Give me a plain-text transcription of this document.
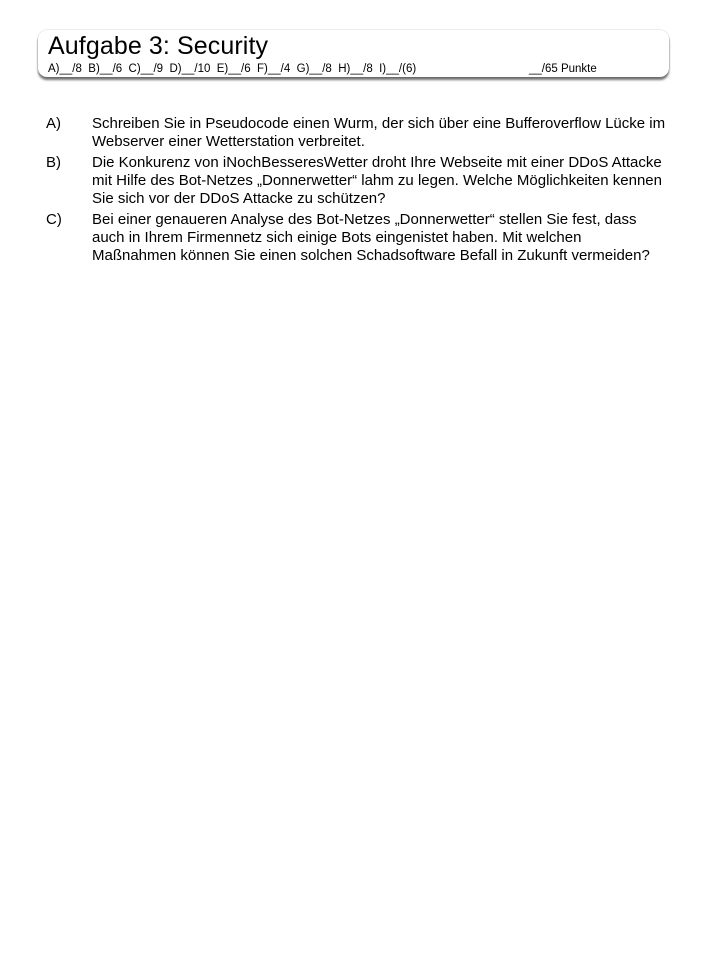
Aufgabe 3: Security
A)__/8  B)__/6  C)__/9  D)__/10  E)__/6  F)__/4  G)__/8  H)__/8  I)__/(6)	__/65 Punkte
A)	Schreiben Sie in Pseudocode einen Wurm, der sich über eine Bufferoverflow Lücke im Webserver einer Wetterstation verbreitet.
B)	Die Konkurenz von iNochBesseresWetter droht Ihre Webseite mit einer DDoS Attacke mit Hilfe des Bot-Netzes „Donnerwetter“ lahm zu legen. Welche Möglichkeiten kennen Sie sich vor der DDoS Attacke zu schützen?
C)	Bei einer genaueren Analyse des Bot-Netzes „Donnerwetter“ stellen Sie fest, dass auch in Ihrem Firmennetz sich einige Bots eingenistet haben. Mit welchen Maßnahmen können Sie einen solchen Schadsoftware Befall in Zukunft vermeiden?
